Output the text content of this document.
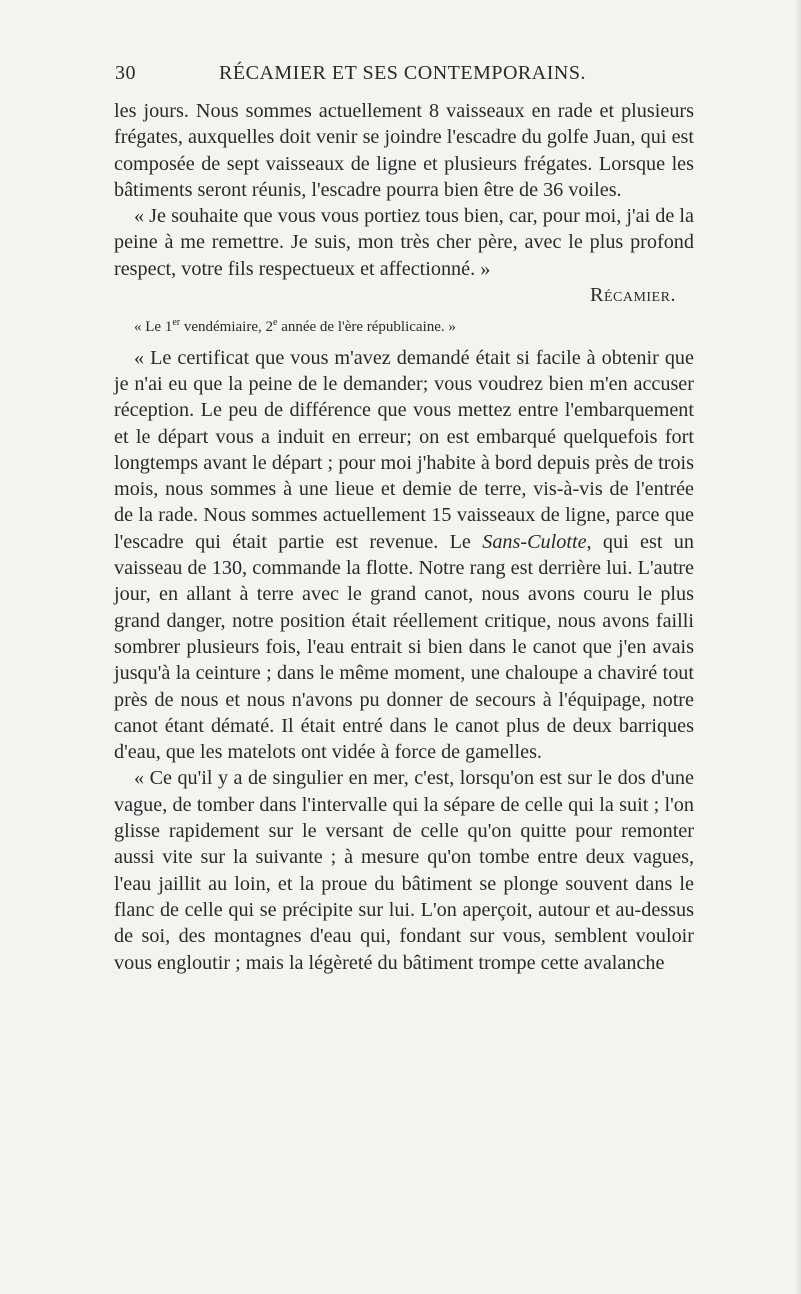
30	RÉCAMIER ET SES CONTEMPORAINS.

les jours. Nous sommes actuellement 8 vaisseaux en rade et plusieurs frégates, auxquelles doit venir se joindre l'escadre du golfe Juan, qui est composée de sept vaisseaux de ligne et plusieurs frégates. Lorsque les bâtiments seront réunis, l'escadre pourra bien être de 36 voiles.

« Je souhaite que vous vous portiez tous bien, car, pour moi, j'ai de la peine à me remettre. Je suis, mon très cher père, avec le plus profond respect, votre fils respectueux et affectionné. »

Récamier.

« Le 1er vendémiaire, 2e année de l'ère républicaine. »

« Le certificat que vous m'avez demandé était si facile à obtenir que je n'ai eu que la peine de le demander; vous voudrez bien m'en accuser réception. Le peu de différence que vous mettez entre l'embarquement et le départ vous a induit en erreur; on est embarqué quelquefois fort longtemps avant le départ ; pour moi j'habite à bord depuis près de trois mois, nous sommes à une lieue et demie de terre, vis-à-vis de l'entrée de la rade. Nous sommes actuellement 15 vaisseaux de ligne, parce que l'escadre qui était partie est revenue. Le Sans-Culotte, qui est un vaisseau de 130, commande la flotte. Notre rang est derrière lui. L'autre jour, en allant à terre avec le grand canot, nous avons couru le plus grand danger, notre position était réellement critique, nous avons failli sombrer plusieurs fois, l'eau entrait si bien dans le canot que j'en avais jusqu'à la ceinture ; dans le même moment, une chaloupe a chaviré tout près de nous et nous n'avons pu donner de secours à l'équipage, notre canot étant dématé. Il était entré dans le canot plus de deux barriques d'eau, que les matelots ont vidée à force de gamelles.

« Ce qu'il y a de singulier en mer, c'est, lorsqu'on est sur le dos d'une vague, de tomber dans l'intervalle qui la sépare de celle qui la suit ; l'on glisse rapidement sur le versant de celle qu'on quitte pour remonter aussi vite sur la suivante ; à mesure qu'on tombe entre deux vagues, l'eau jaillit au loin, et la proue du bâtiment se plonge souvent dans le flanc de celle qui se précipite sur lui. L'on aperçoit, autour et au-dessus de soi, des montagnes d'eau qui, fondant sur vous, semblent vouloir vous engloutir ; mais la légèreté du bâtiment trompe cette avalanche
